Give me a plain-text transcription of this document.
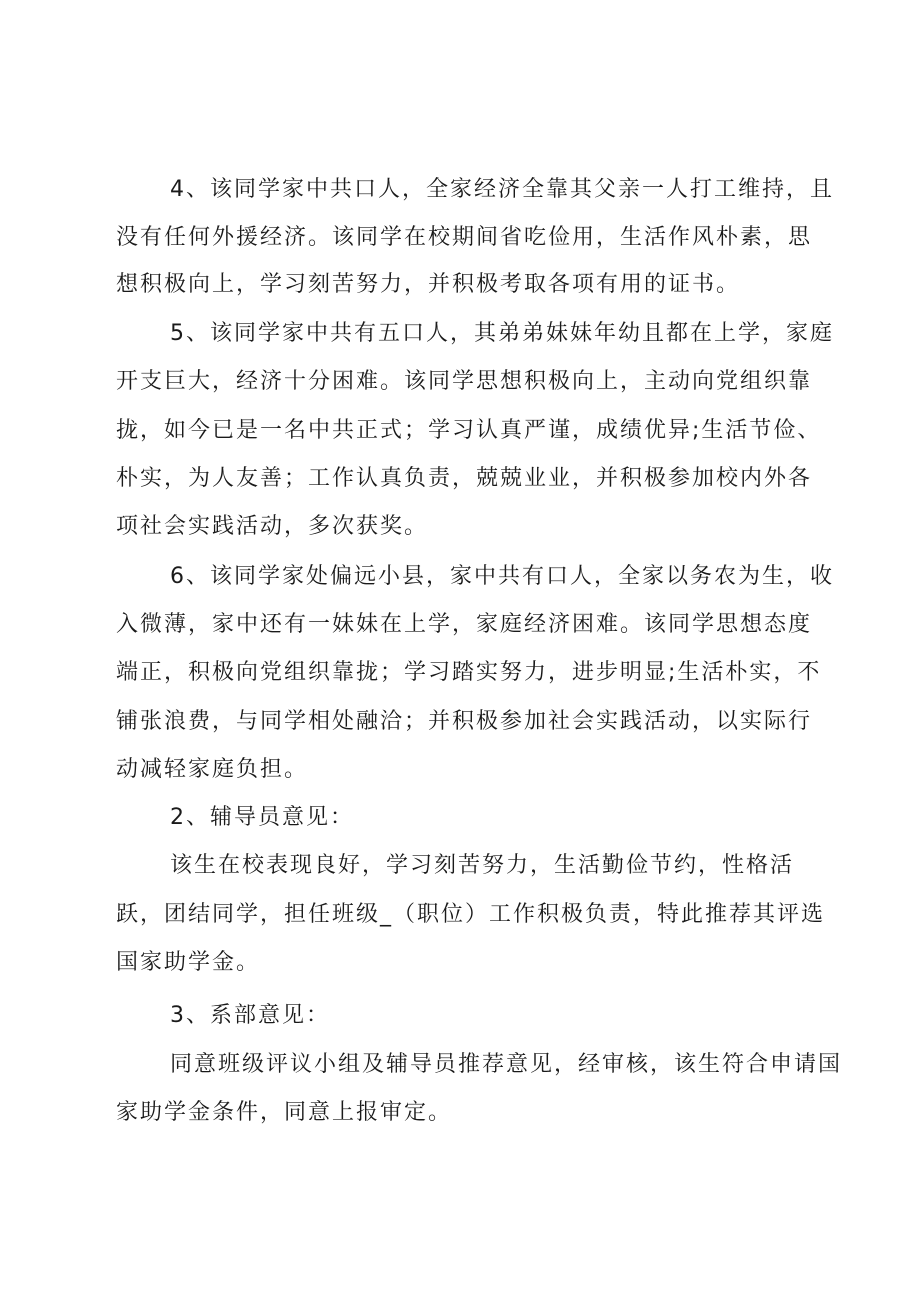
4、该同学家中共口人，全家经济全靠其父亲一人打工维持，且

没有任何外援经济。该同学在校期间省吃俭用，生活作风朴素，思

想积极向上，学习刻苦努力，并积极考取各项有用的证书。

5、该同学家中共有五口人，其弟弟妹妹年幼且都在上学，家庭

开支巨大，经济十分困难。该同学思想积极向上，主动向党组织靠

拢，如今已是一名中共正式；学习认真严谨，成绩优异;生活节俭、

朴实，为人友善；工作认真负责，兢兢业业，并积极参加校内外各

项社会实践活动，多次获奖。

6、该同学家处偏远小县，家中共有口人，全家以务农为生，收

入微薄，家中还有一妹妹在上学，家庭经济困难。该同学思想态度

端正，积极向党组织靠拢；学习踏实努力，进步明显;生活朴实，不

铺张浪费，与同学相处融洽；并积极参加社会实践活动，以实际行

动减轻家庭负担。

2、辅导员意见：

该生在校表现良好，学习刻苦努力，生活勤俭节约，性格活

跃，团结同学，担任班级_（职位）工作积极负责，特此推荐其评选

国家助学金。

3、系部意见：

同意班级评议小组及辅导员推荐意见，经审核，该生符合申请国

家助学金条件，同意上报审定。
